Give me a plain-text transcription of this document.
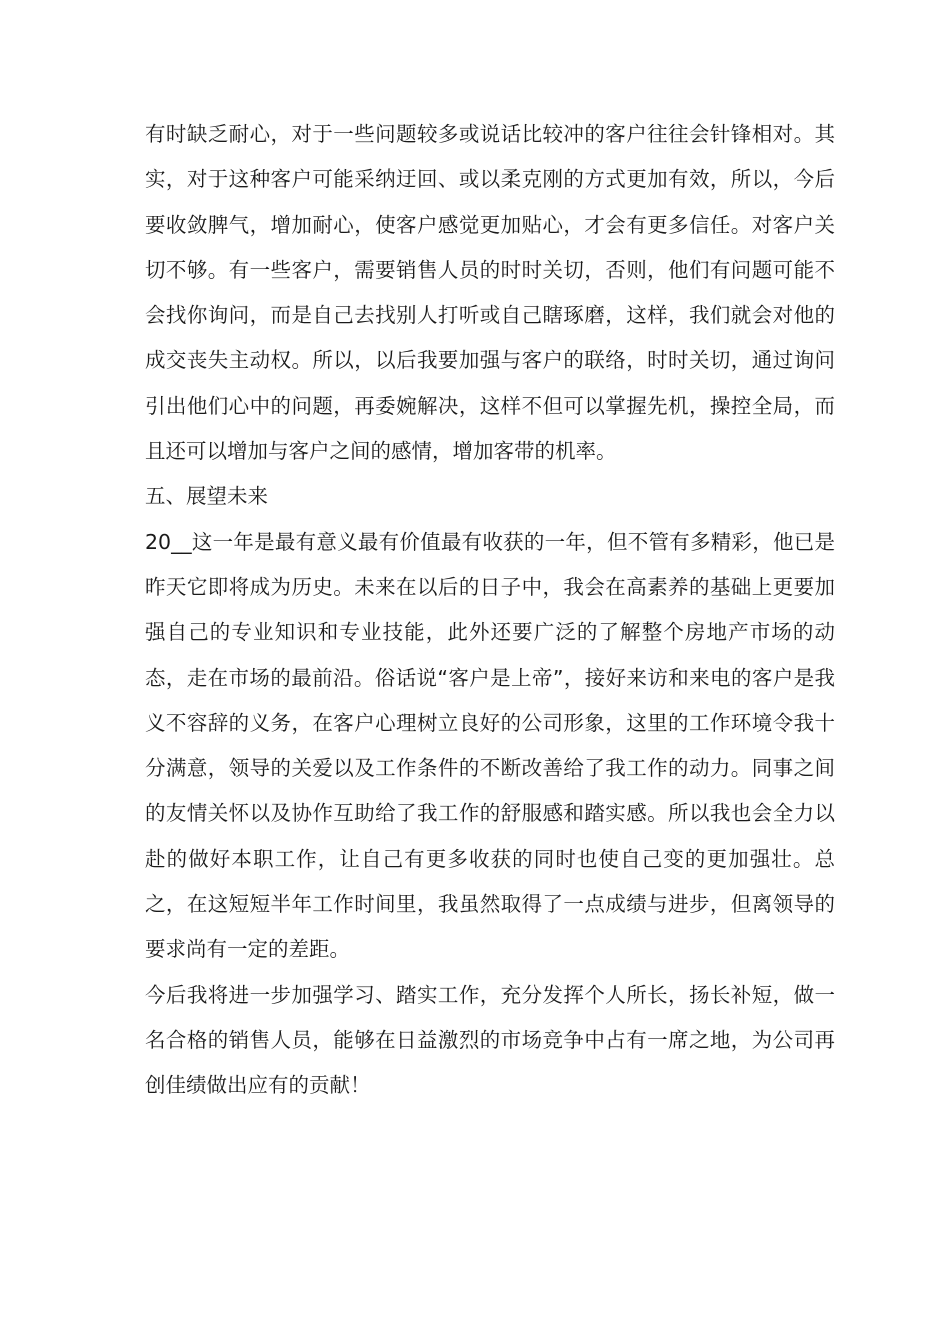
有时缺乏耐心，对于一些问题较多或说话比较冲的客户往往会针锋相对。其实，对于这种客户可能采纳迂回、或以柔克刚的方式更加有效，所以，今后要收敛脾气，增加耐心，使客户感觉更加贴心，才会有更多信任。对客户关切不够。有一些客户，需要销售人员的时时关切，否则，他们有问题可能不会找你询问，而是自己去找别人打听或自己瞎琢磨，这样，我们就会对他的成交丧失主动权。所以，以后我要加强与客户的联络，时时关切，通过询问引出他们心中的问题，再委婉解决，这样不但可以掌握先机，操控全局，而且还可以增加与客户之间的感情，增加客带的机率。

五、展望未来

20__这一年是最有意义最有价值最有收获的一年，但不管有多精彩，他已是昨天它即将成为历史。未来在以后的日子中，我会在高素养的基础上更要加强自己的专业知识和专业技能，此外还要广泛的了解整个房地产市场的动态，走在市场的最前沿。俗话说“客户是上帝”，接好来访和来电的客户是我义不容辞的义务，在客户心理树立良好的公司形象，这里的工作环境令我十分满意，领导的关爱以及工作条件的不断改善给了我工作的动力。同事之间的友情关怀以及协作互助给了我工作的舒服感和踏实感。所以我也会全力以赴的做好本职工作，让自己有更多收获的同时也使自己变的更加强壮。总之，在这短短半年工作时间里，我虽然取得了一点成绩与进步，但离领导的要求尚有一定的差距。

今后我将进一步加强学习、踏实工作，充分发挥个人所长，扬长补短，做一名合格的销售人员，能够在日益激烈的市场竞争中占有一席之地，为公司再创佳绩做出应有的贡献！
